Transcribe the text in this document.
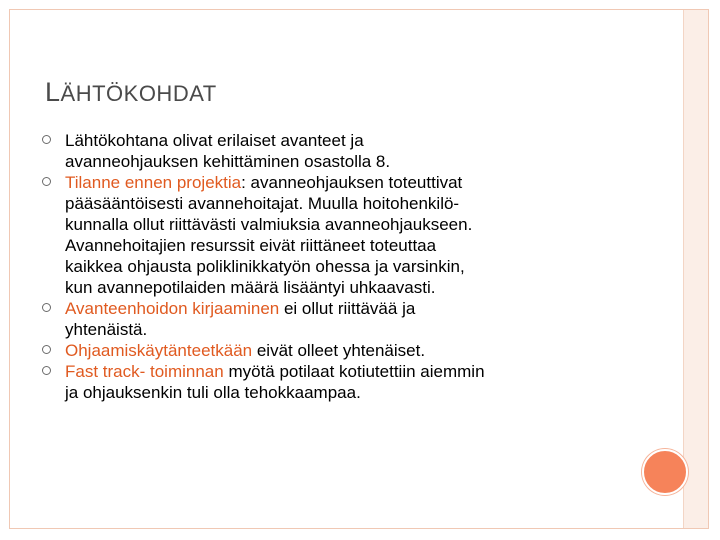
LÄHTÖKOHDAT
Lähtökohtana olivat erilaiset avanteet ja
avanneohjauksen kehittäminen osastolla 8.
Tilanne ennen projektia: avanneohjauksen toteuttivat
pääsääntöisesti avannehoitajat. Muulla hoitohenkilö-
kunnalla ollut riittävästi valmiuksia avanneohjaukseen.
Avannehoitajien resurssit eivät riittäneet toteuttaa
kaikkea ohjausta poliklinikkatyön ohessa ja varsinkin,
kun avannepotilaiden määrä lisääntyi uhkaavasti.
Avanteenhoidon kirjaaminen ei ollut riittävää ja
yhtenäistä.
Ohjaamiskäytänteetkään eivät olleet yhtenäiset.
Fast track- toiminnan myötä potilaat kotiutettiin aiemmin
ja ohjauksenkin tuli olla tehokkaampaa.
